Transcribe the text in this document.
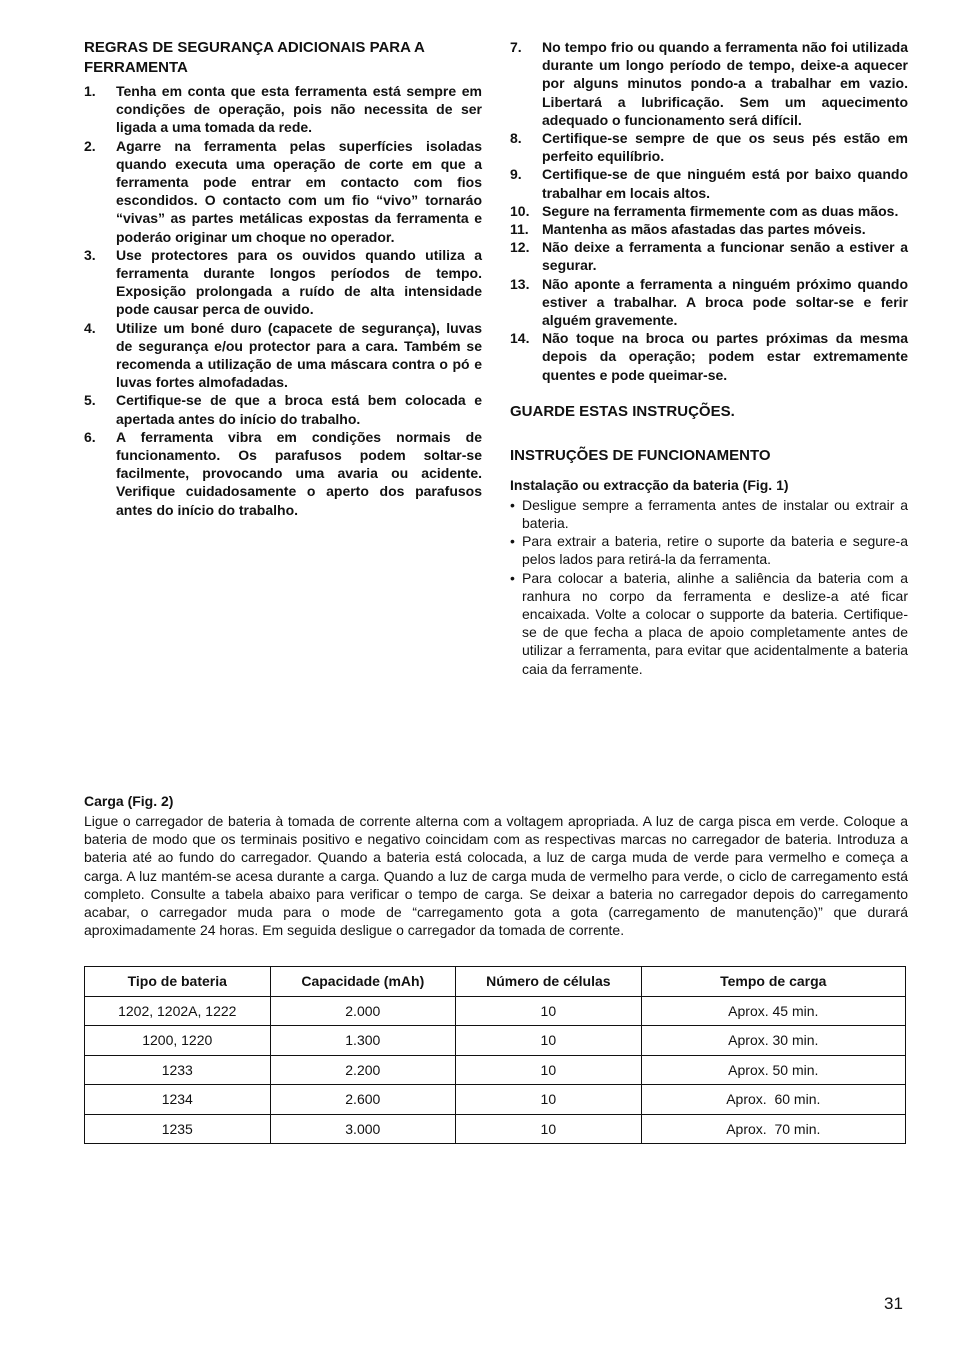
REGRAS DE SEGURANÇA ADICIONAIS PARA A FERRAMENTA
1. Tenha em conta que esta ferramenta está sempre em condições de operação, pois não necessita de ser ligada a uma tomada da rede.
2. Agarre na ferramenta pelas superfícies isoladas quando executa uma operação de corte em que a ferramenta pode entrar em contacto com fios escondidos. O contacto com um fio “vivo” tornaráo “vivas” as partes metálicas expostas da ferramenta e poderáo originar um choque no operador.
3. Use protectores para os ouvidos quando utiliza a ferramenta durante longos períodos de tempo. Exposição prolongada a ruído de alta intensidade pode causar perca de ouvido.
4. Utilize um boné duro (capacete de segurança), luvas de segurança e/ou protector para a cara. Também se recomenda a utilização de uma máscara contra o pó e luvas fortes almofadadas.
5. Certifique-se de que a broca está bem colocada e apertada antes do início do trabalho.
6. A ferramenta vibra em condições normais de funcionamento. Os parafusos podem soltar-se facilmente, provocando uma avaria ou acidente. Verifique cuidadosamente o aperto dos parafusos antes do início do trabalho.
7. No tempo frio ou quando a ferramenta não foi utilizada durante um longo período de tempo, deixe-a aquecer por alguns minutos pondo-a a trabalhar em vazio. Libertará a lubrificação. Sem um aquecimento adequado o funcionamento será difícil.
8. Certifique-se sempre de que os seus pés estão em perfeito equilíbrio.
9. Certifique-se de que ninguém está por baixo quando trabalhar em locais altos.
10. Segure na ferramenta firmemente com as duas mãos.
11. Mantenha as mãos afastadas das partes móveis.
12. Não deixe a ferramenta a funcionar senão a estiver a segurar.
13. Não aponte a ferramenta a ninguém próximo quando estiver a trabalhar. A broca pode soltar-se e ferir alguém gravemente.
14. Não toque na broca ou partes próximas da mesma depois da operação; podem estar extremamente quentes e pode queimar-se.
GUARDE ESTAS INSTRUÇÕES.
INSTRUÇÕES DE FUNCIONAMENTO
Instalação ou extracção da bateria (Fig. 1)
• Desligue sempre a ferramenta antes de instalar ou extrair a bateria.
• Para extrair a bateria, retire o suporte da bateria e segure-a pelos lados para retirá-la da ferramenta.
• Para colocar a bateria, alinhe a saliência da bateria com a ranhura no corpo da ferramenta e deslize-a até ficar encaixada. Volte a colocar o supporte da bateria. Certifique-se de que fecha a placa de apoio completamente antes de utilizar a ferramenta, para evitar que acidentalmente a bateria caia da ferramente.
Carga (Fig. 2)

Ligue o carregador de bateria à tomada de corrente alterna com a voltagem apropriada. A luz de carga pisca em verde. Coloque a bateria de modo que os terminais positivo e negativo coincidam com as respectivas marcas no carregador de bateria. Introduza a bateria até ao fundo do carregador. Quando a bateria está colocada, a luz de carga muda de verde para vermelho e começa a carga. A luz mantém-se acesa durante a carga. Quando a luz de carga muda de vermelho para verde, o ciclo de carregamento está completo. Consulte a tabela abaixo para verificar o tempo de carga. Se deixar a bateria no carregador depois do carregamento acabar, o carregador muda para o mode de “carregamento gota a gota (carregamento de manutenção)” que durará aproximadamente 24 horas. Em seguida desligue o carregador da tomada de corrente.

Tipo de bateria	Capacidade (mAh)	Número de células	Tempo de carga
1202, 1202A, 1222	2.000	10	Aprox. 45 min.
1200, 1220	1.300	10	Aprox. 30 min.
1233	2.200	10	Aprox. 50 min.
1234	2.600	10	Aprox.  60 min.
1235	3.000	10	Aprox.  70 min.
31
